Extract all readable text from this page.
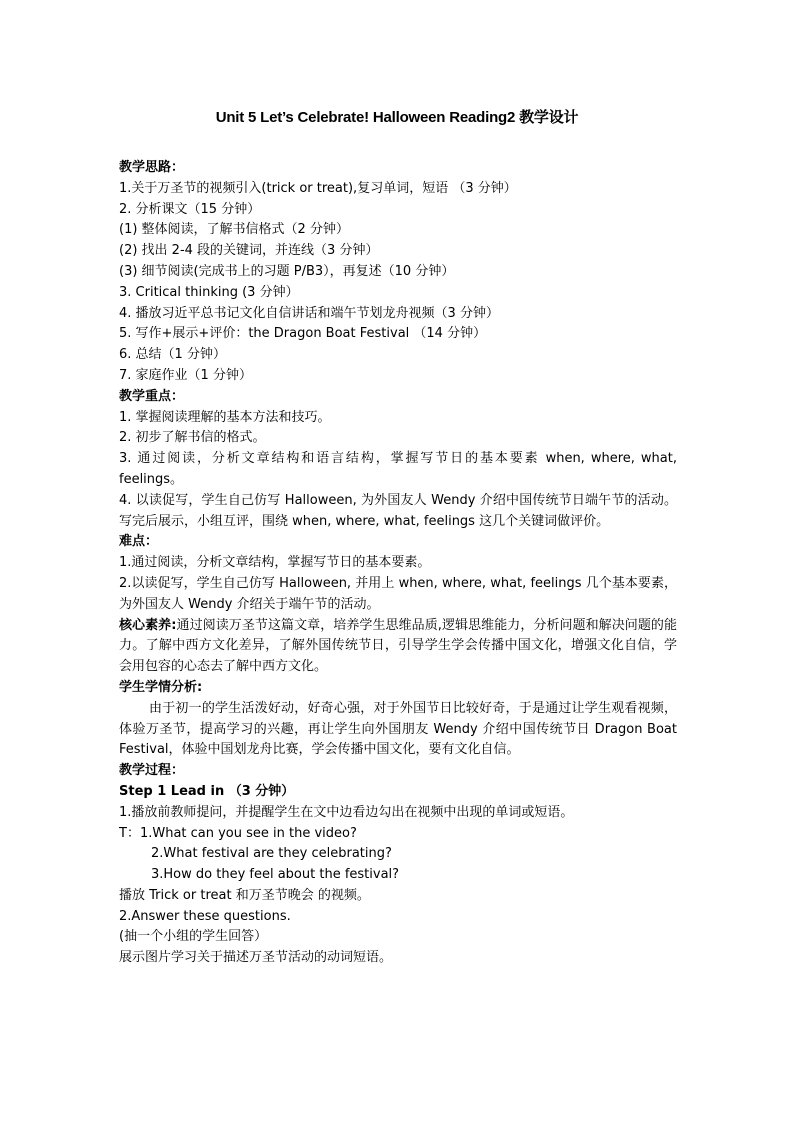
Unit 5 Let’s Celebrate! Halloween Reading2 教学设计
教学思路：
1.关于万圣节的视频引入(trick or treat),复习单词，短语 （3 分钟）
2. 分析课文（15 分钟）
(1) 整体阅读，了解书信格式（2 分钟）
(2) 找出 2-4 段的关键词，并连线（3 分钟）
(3) 细节阅读(完成书上的习题 P/B3），再复述（10 分钟）
3. Critical thinking (3 分钟）
4. 播放习近平总书记文化自信讲话和端午节划龙舟视频（3 分钟）
5. 写作+展示+评价：the Dragon Boat Festival （14 分钟）
6. 总结（1 分钟）
7. 家庭作业（1 分钟）
教学重点：
1. 掌握阅读理解的基本方法和技巧。
2. 初步了解书信的格式。
3. 通过阅读，分析文章结构和语言结构，掌握写节日的基本要素 when, where, what, feelings。
4. 以读促写，学生自己仿写 Halloween, 为外国友人 Wendy 介绍中国传统节日端午节的活动。写完后展示，小组互评，围绕 when, where, what, feelings 这几个关键词做评价。
难点：
1.通过阅读，分析文章结构，掌握写节日的基本要素。
2.以读促写，学生自己仿写 Halloween, 并用上 when, where, what, feelings 几个基本要素，为外国友人 Wendy 介绍关于端午节的活动。
核心素养:通过阅读万圣节这篇文章，培养学生思维品质,逻辑思维能力，分析问题和解决问题的能力。了解中西方文化差异，了解外国传统节日，引导学生学会传播中国文化，增强文化自信，学会用包容的心态去了解中西方文化。
学生学情分析:
由于初一的学生活泼好动，好奇心强，对于外国节日比较好奇，于是通过让学生观看视频，体验万圣节，提高学习的兴趣，再让学生向外国朋友 Wendy 介绍中国传统节日 Dragon Boat Festival，体验中国划龙舟比赛，学会传播中国文化，要有文化自信。
教学过程：
Step 1 Lead in （3 分钟）
1.播放前教师提问，并提醒学生在文中边看边勾出在视频中出现的单词或短语。
T：1.What can you see in the video?
2.What festival are they celebrating?
3.How do they feel about the festival?
播放 Trick or treat 和万圣节晚会 的视频。
2.Answer these questions.
(抽一个小组的学生回答）
展示图片学习关于描述万圣节活动的动词短语。
